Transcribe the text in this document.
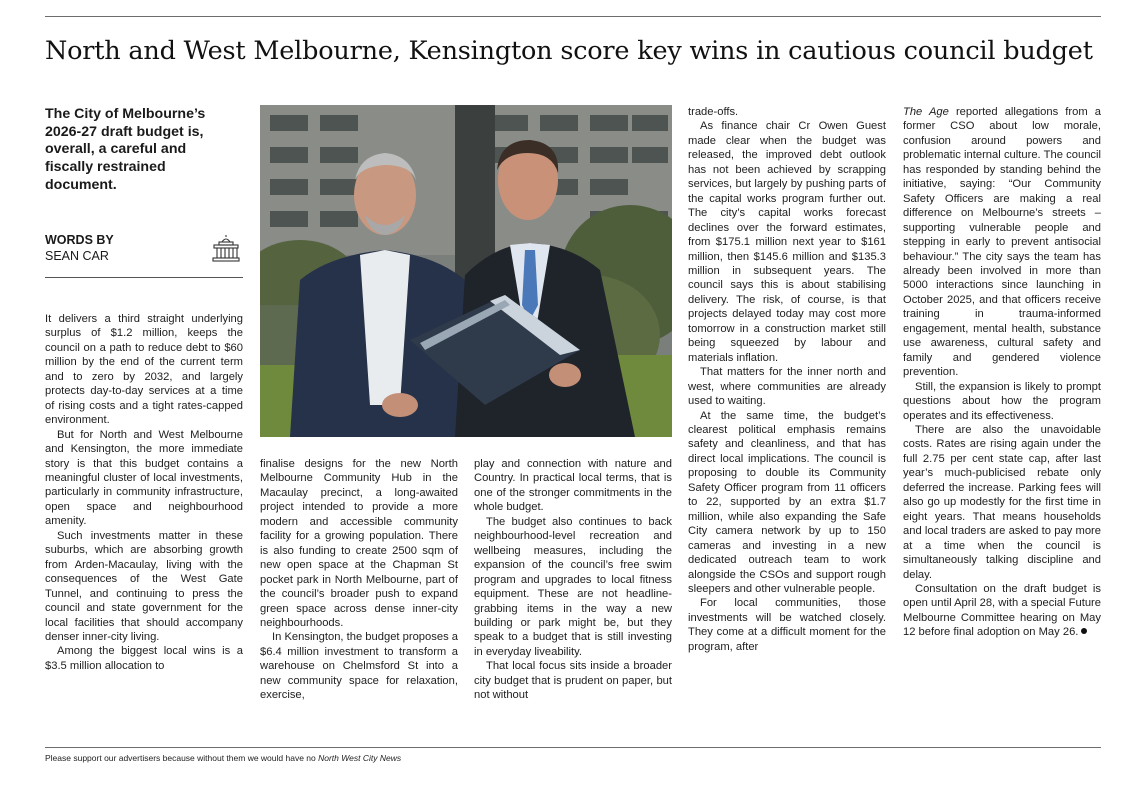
North and West Melbourne, Kensington score key wins in cautious council budget
The City of Melbourne’s 2026-27 draft budget is, overall, a careful and fiscally restrained document.
WORDS BY
SEAN CAR

It delivers a third straight underlying surplus of $1.2 million, keeps the council on a path to reduce debt to $60 million by the end of the current term and to zero by 2032, and largely protects day-to-day services at a time of rising costs and a tight rates-capped environment.

But for North and West Melbourne and Kensington, the more immediate story is that this budget contains a meaningful cluster of local investments, particularly in community infrastructure, open space and neighbourhood amenity.

Such investments matter in these suburbs, which are absorbing growth from Arden-Macaulay, living with the consequences of the West Gate Tunnel, and continuing to press the council and state government for the local facilities that should accompany denser inner-city living.

Among the biggest local wins is a $3.5 million allocation to

finalise designs for the new North Melbourne Community Hub in the Macaulay precinct, a long-awaited project intended to provide a more modern and accessible community facility for a growing population. There is also funding to create 2500 sqm of new open space at the Chapman St pocket park in North Melbourne, part of the council’s broader push to expand green space across dense inner-city neighbourhoods.

In Kensington, the budget proposes a $6.4 million investment to transform a warehouse on Chelmsford St into a new community space for relaxation, exercise,

play and connection with nature and Country. In practical local terms, that is one of the stronger commitments in the whole budget.

The budget also continues to back neighbourhood-level recreation and wellbeing measures, including the expansion of the council’s free swim program and upgrades to local fitness equipment. These are not headline-grabbing items in the way a new building or park might be, but they speak to a budget that is still investing in everyday liveability.

That local focus sits inside a broader city budget that is prudent on paper, but not without

trade-offs.

As finance chair Cr Owen Guest made clear when the budget was released, the improved debt outlook has not been achieved by scrapping services, but largely by pushing parts of the capital works program further out. The city’s capital works forecast declines over the forward estimates, from $175.1 million next year to $161 million, then $145.6 million and $135.3 million in subsequent years. The council says this is about stabilising delivery. The risk, of course, is that projects delayed today may cost more tomorrow in a construction market still being squeezed by labour and materials inflation.

That matters for the inner north and west, where communities are already used to waiting.

At the same time, the budget’s clearest political emphasis remains safety and cleanliness, and that has direct local implications. The council is proposing to double its Community Safety Officer program from 11 officers to 22, supported by an extra $1.7 million, while also expanding the Safe City camera network by up to 150 cameras and investing in a new dedicated outreach team to work alongside the CSOs and support rough sleepers and other vulnerable people.

For local communities, those investments will be watched closely. They come at a difficult moment for the program, after

The Age reported allegations from a former CSO about low morale, confusion around powers and problematic internal culture. The council has responded by standing behind the initiative, saying: “Our Community Safety Officers are making a real difference on Melbourne’s streets – supporting vulnerable people and stepping in early to prevent antisocial behaviour.” The city says the team has already been involved in more than 5000 interactions since launching in October 2025, and that officers receive training in trauma-informed engagement, mental health, substance use awareness, cultural safety and family and gendered violence prevention.

Still, the expansion is likely to prompt questions about how the program operates and its effectiveness.

There are also the unavoidable costs. Rates are rising again under the full 2.75 per cent state cap, after last year’s much-publicised rebate only deferred the increase. Parking fees will also go up modestly for the first time in eight years. That means households and local traders are asked to pay more at a time when the council is simultaneously talking discipline and delay.

Consultation on the draft budget is open until April 28, with a special Future Melbourne Committee hearing on May 12 before final adoption on May 26.

Please support our advertisers because without them we would have no North West City News
